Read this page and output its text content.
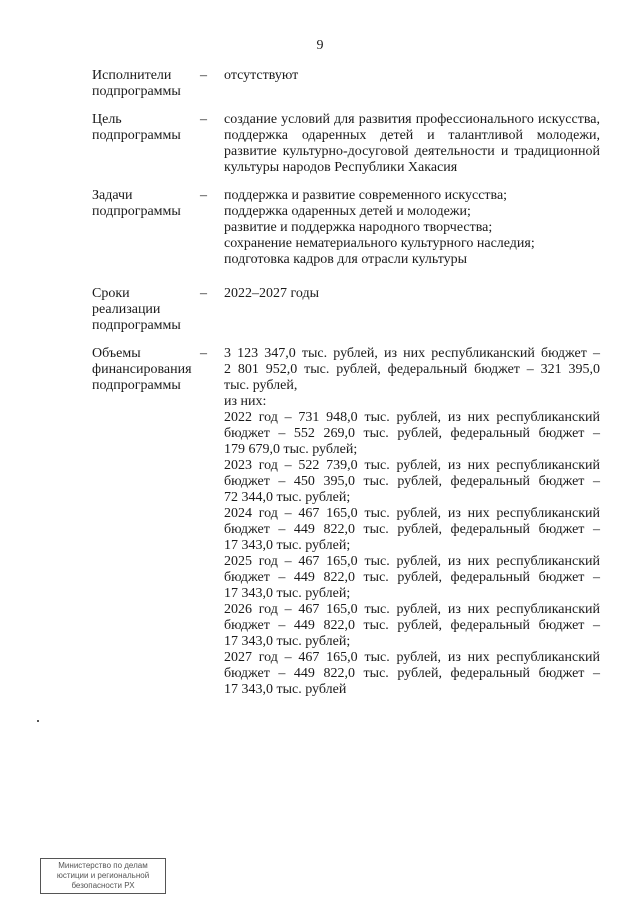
9
Исполнители
подпрограммы
–	отсутствуют
Цель
подпрограммы
–	создание условий для развития профессионального искусства,
поддержка одаренных детей и талантливой молодежи,
развитие культурно-досуговой деятельности и традиционной
культуры народов Республики Хакасия
Задачи
подпрограммы
–	поддержка и развитие современного искусства;
поддержка одаренных детей и молодежи;
развитие и поддержка народного творчества;
сохранение нематериального культурного наследия;
подготовка кадров для отрасли культуры
Сроки
реализации
подпрограммы
–	2022–2027 годы
Объемы
финансирования
подпрограммы
–	3 123 347,0 тыс. рублей, из них республиканский бюджет –
2 801 952,0 тыс. рублей, федеральный бюджет – 321 395,0
тыс. рублей,
из них:
2022 год – 731 948,0 тыс. рублей, из них республиканский
бюджет – 552 269,0 тыс. рублей, федеральный бюджет –
179 679,0 тыс. рублей;
2023 год – 522 739,0 тыс. рублей, из них республиканский
бюджет – 450 395,0 тыс. рублей, федеральный бюджет –
72 344,0 тыс. рублей;
2024 год – 467 165,0 тыс. рублей, из них республиканский
бюджет – 449 822,0 тыс. рублей, федеральный бюджет –
17 343,0 тыс. рублей;
2025 год – 467 165,0 тыс. рублей, из них республиканский
бюджет – 449 822,0 тыс. рублей, федеральный бюджет –
17 343,0 тыс. рублей;
2026 год – 467 165,0 тыс. рублей, из них республиканский
бюджет – 449 822,0 тыс. рублей, федеральный бюджет –
17 343,0 тыс. рублей;
2027 год – 467 165,0 тыс. рублей, из них республиканский
бюджет – 449 822,0 тыс. рублей, федеральный бюджет –
17 343,0 тыс. рублей
Министерство по делам
юстиции и региональной
безопасности РХ
